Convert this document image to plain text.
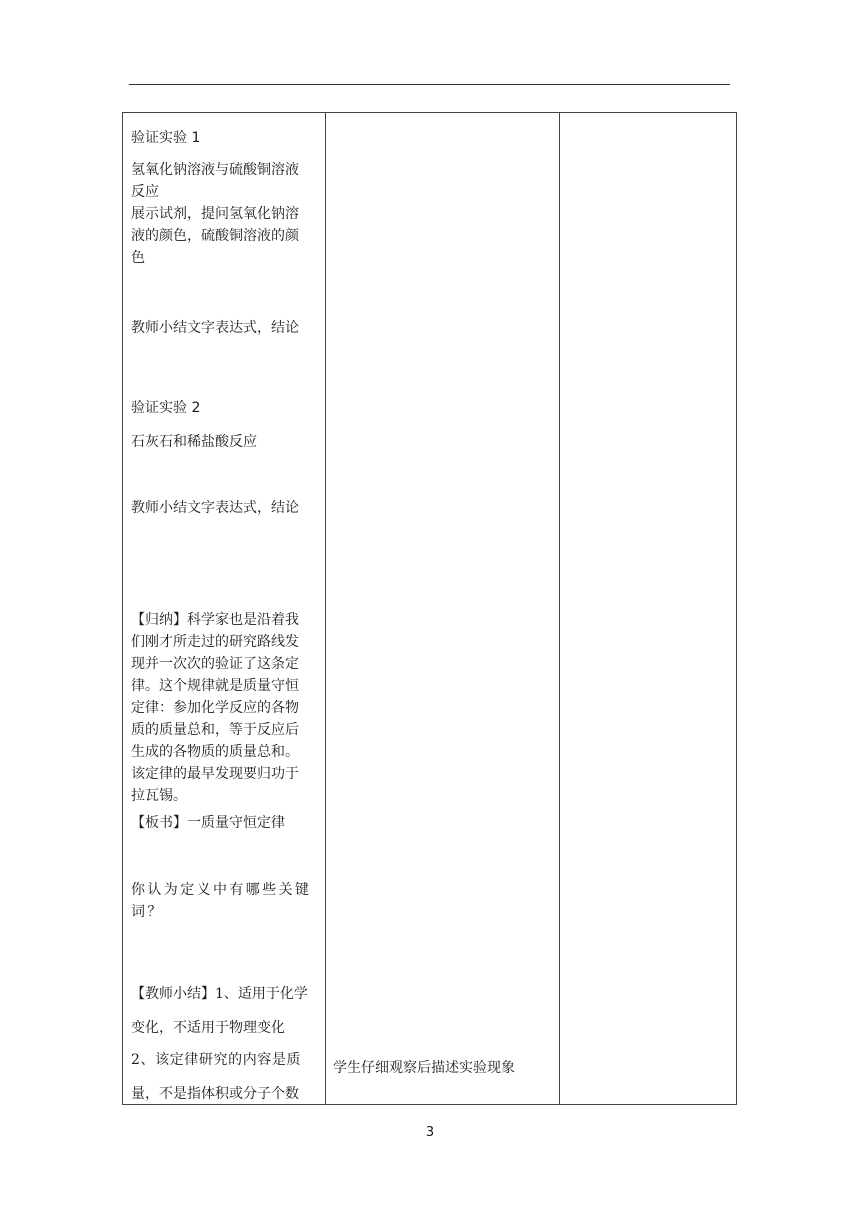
验证实验 1
氢氧化钠溶液与硫酸铜溶液
反应
展示试剂，提问氢氧化钠溶
液的颜色，硫酸铜溶液的颜
色
教师小结文字表达式，结论
验证实验 2
石灰石和稀盐酸反应
教师小结文字表达式，结论
【归纳】科学家也是沿着我
们刚才所走过的研究路线发
现并一次次的验证了这条定
律。这个规律就是质量守恒
定律：参加化学反应的各物
质的质量总和，等于反应后
生成的各物质的质量总和。
该定律的最早发现要归功于
拉瓦锡。
【板书】一质量守恒定律
你认为定义中有哪些关键
词？
【教师小结】1、适用于化学
变化，不适用于物理变化
2、该定律研究的内容是质
量，不是指体积或分子个数
学生仔细观察后描述实验现象
3
